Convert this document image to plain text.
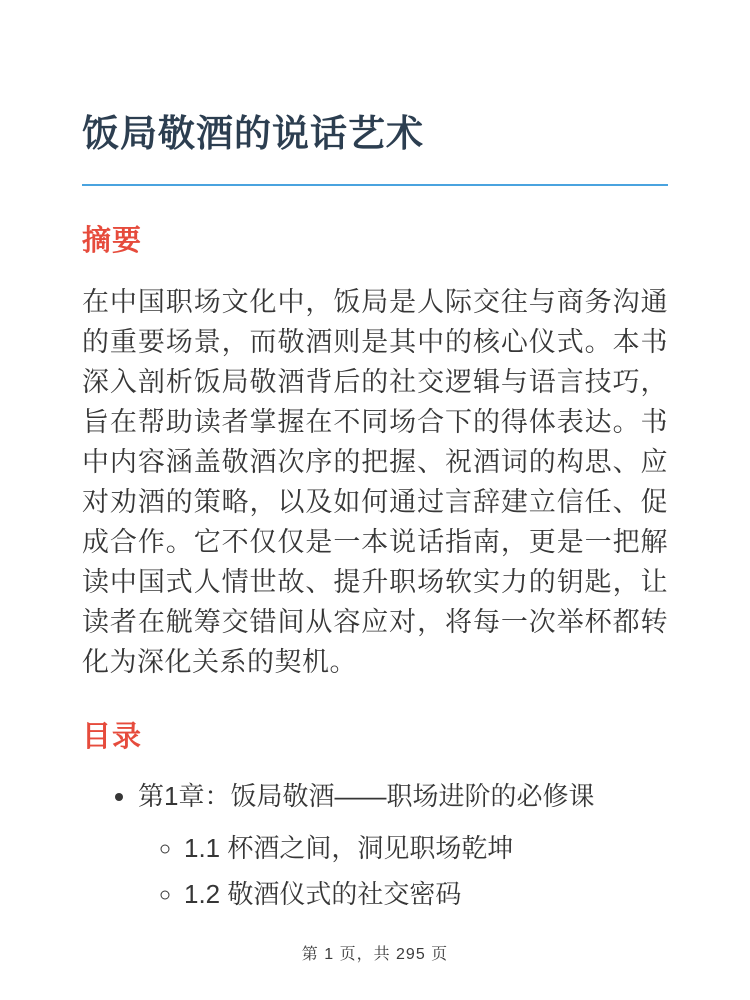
饭局敬酒的说话艺术
摘要

在中国职场文化中，饭局是人际交往与商务沟通的重要场景，而敬酒则是其中的核心仪式。本书深入剖析饭局敬酒背后的社交逻辑与语言技巧，旨在帮助读者掌握在不同场合下的得体表达。书中内容涵盖敬酒次序的把握、祝酒词的构思、应对劝酒的策略，以及如何通过言辞建立信任、促成合作。它不仅仅是一本说话指南，更是一把解读中国式人情世故、提升职场软实力的钥匙，让读者在觥筹交错间从容应对，将每一次举杯都转化为深化关系的契机。

目录
• 第1章：饭局敬酒——职场进阶的必修课
◦ 1.1 杯酒之间，洞见职场乾坤
◦ 1.2 敬酒仪式的社交密码
第 1 页，共 295 页
